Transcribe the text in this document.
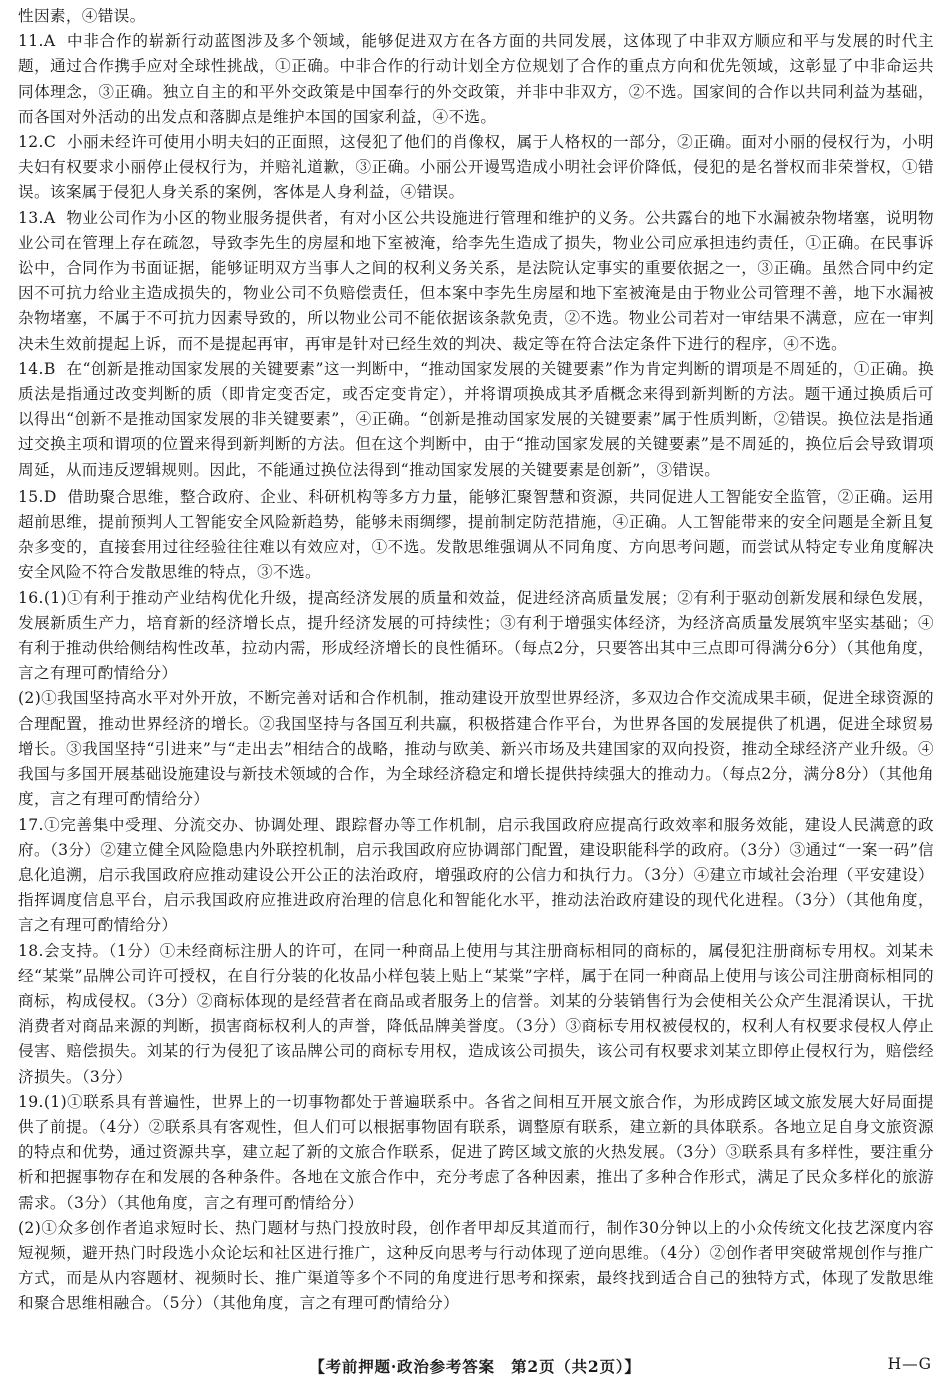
性因素，④错误。

11.A 中非合作的崭新行动蓝图涉及多个领域，能够促进双方在各方面的共同发展，这体现了中非双方顺应和平与发展的时代主题，通过合作携手应对全球性挑战，①正确。中非合作的行动计划全方位规划了合作的重点方向和优先领域，这彰显了中非命运共同体理念，③正确。独立自主的和平外交政策是中国奉行的外交政策，并非中非双方，②不选。国家间的合作以共同利益为基础，而各国对外活动的出发点和落脚点是维护本国的国家利益，④不选。
12.C 小丽未经许可使用小明夫妇的正面照，这侵犯了他们的肖像权，属于人格权的一部分，②正确。面对小丽的侵权行为，小明夫妇有权要求小丽停止侵权行为，并赔礼道歉，③正确。小丽公开谩骂造成小明社会评价降低，侵犯的是名誉权而非荣誉权，①错误。该案属于侵犯人身关系的案例，客体是人身利益，④错误。
13.A 物业公司作为小区的物业服务提供者，有对小区公共设施进行管理和维护的义务。公共露台的地下水漏被杂物堵塞，说明物业公司在管理上存在疏忽，导致李先生的房屋和地下室被淹，给李先生造成了损失，物业公司应承担违约责任，①正确。在民事诉讼中，合同作为书面证据，能够证明双方当事人之间的权利义务关系，是法院认定事实的重要依据之一，③正确。虽然合同中约定因不可抗力给业主造成损失的，物业公司不负赔偿责任，但本案中李先生房屋和地下室被淹是由于物业公司管理不善，地下水漏被杂物堵塞，不属于不可抗力因素导致的，所以物业公司不能依据该条款免责，②不选。物业公司若对一审结果不满意，应在一审判决未生效前提起上诉，而不是提起再审，再审是针对已经生效的判决、裁定等在符合法定条件下进行的程序，④不选。
14.B 在“创新是推动国家发展的关键要素”这一判断中，“推动国家发展的关键要素”作为肯定判断的谓项是不周延的，①正确。换质法是指通过改变判断的质（即肯定变否定，或否定变肯定），并将谓项换成其矛盾概念来得到新判断的方法。题干通过换质后可以得出“创新不是推动国家发展的非关键要素”，④正确。“创新是推动国家发展的关键要素”属于性质判断，②错误。换位法是指通过交换主项和谓项的位置来得到新判断的方法。但在这个判断中，由于“推动国家发展的关键要素”是不周延的，换位后会导致谓项周延，从而违反逻辑规则。因此，不能通过换位法得到“推动国家发展的关键要素是创新”，③错误。
15.D 借助聚合思维，整合政府、企业、科研机构等多方力量，能够汇聚智慧和资源，共同促进人工智能安全监管，②正确。运用超前思维，提前预判人工智能安全风险新趋势，能够未雨绸缪，提前制定防范措施，④正确。人工智能带来的安全问题是全新且复杂多变的，直接套用过往经验往往难以有效应对，①不选。发散思维强调从不同角度、方向思考问题，而尝试从特定专业角度解决安全风险不符合发散思维的特点，③不选。
16.(1)①有利于推动产业结构优化升级，提高经济发展的质量和效益，促进经济高质量发展；②有利于驱动创新发展和绿色发展，发展新质生产力，培育新的经济增长点，提升经济发展的可持续性；③有利于增强实体经济，为经济高质量发展筑牢坚实基础；④有利于推动供给侧结构性改革，拉动内需，形成经济增长的良性循环。（每点2分，只要答出其中三点即可得满分6分）（其他角度，言之有理可酌情给分）

(2)①我国坚持高水平对外开放，不断完善对话和合作机制，推动建设开放型世界经济，多双边合作交流成果丰硕，促进全球资源的合理配置，推动世界经济的增长。②我国坚持与各国互利共赢，积极搭建合作平台，为世界各国的发展提供了机遇，促进全球贸易增长。③我国坚持“引进来”与“走出去”相结合的战略，推动与欧美、新兴市场及共建国家的双向投资，推动全球经济产业升级。④我国与多国开展基础设施建设与新技术领域的合作，为全球经济稳定和增长提供持续强大的推动力。（每点2分，满分8分）（其他角度，言之有理可酌情给分）

17.①完善集中受理、分流交办、协调处理、跟踪督办等工作机制，启示我国政府应提高行政效率和服务效能，建设人民满意的政府。（3分）②建立健全风险隐患内外联控机制，启示我国政府应协调部门配置，建设职能科学的政府。（3分）③通过“一案一码”信息化追溯，启示我国政府应推动建设公开公正的法治政府，增强政府的公信力和执行力。（3分）④建立市域社会治理（平安建设）指挥调度信息平台，启示我国政府应推进政府治理的信息化和智能化水平，推动法治政府建设的现代化进程。（3分）（其他角度，言之有理可酌情给分）
18.会支持。（1分）①未经商标注册人的许可，在同一种商品上使用与其注册商标相同的商标的，属侵犯注册商标专用权。刘某未经“某棠”品牌公司许可授权，在自行分装的化妆品小样包装上贴上“某棠”字样，属于在同一种商品上使用与该公司注册商标相同的商标，构成侵权。（3分）②商标体现的是经营者在商品或者服务上的信誉。刘某的分装销售行为会使相关公众产生混淆误认，干扰消费者对商品来源的判断，损害商标权利人的声誉，降低品牌美誉度。（3分）③商标专用权被侵权的，权利人有权要求侵权人停止侵害、赔偿损失。刘某的行为侵犯了该品牌公司的商标专用权，造成该公司损失，该公司有权要求刘某立即停止侵权行为，赔偿经济损失。（3分）
19.(1)①联系具有普遍性，世界上的一切事物都处于普遍联系中。各省之间相互开展文旅合作，为形成跨区域文旅发展大好局面提供了前提。（4分）②联系具有客观性，但人们可以根据事物固有联系，调整原有联系，建立新的具体联系。各地立足自身文旅资源的特点和优势，通过资源共享，建立起了新的文旅合作联系，促进了跨区域文旅的火热发展。（3分）③联系具有多样性，要注重分析和把握事物存在和发展的各种条件。各地在文旅合作中，充分考虑了各种因素，推出了多种合作形式，满足了民众多样化的旅游需求。（3分）（其他角度，言之有理可酌情给分）

(2)①众多创作者追求短时长、热门题材与热门投放时段，创作者甲却反其道而行，制作30分钟以上的小众传统文化技艺深度内容短视频，避开热门时段选小众论坛和社区进行推广，这种反向思考与行动体现了逆向思维。（4分）②创作者甲突破常规创作与推广方式，而是从内容题材、视频时长、推广渠道等多个不同的角度进行思考和探索，最终找到适合自己的独特方式，体现了发散思维和聚合思维相融合。（5分）（其他角度，言之有理可酌情给分）

【考前押题·政治参考答案　第2页（共2页）】	H—G
